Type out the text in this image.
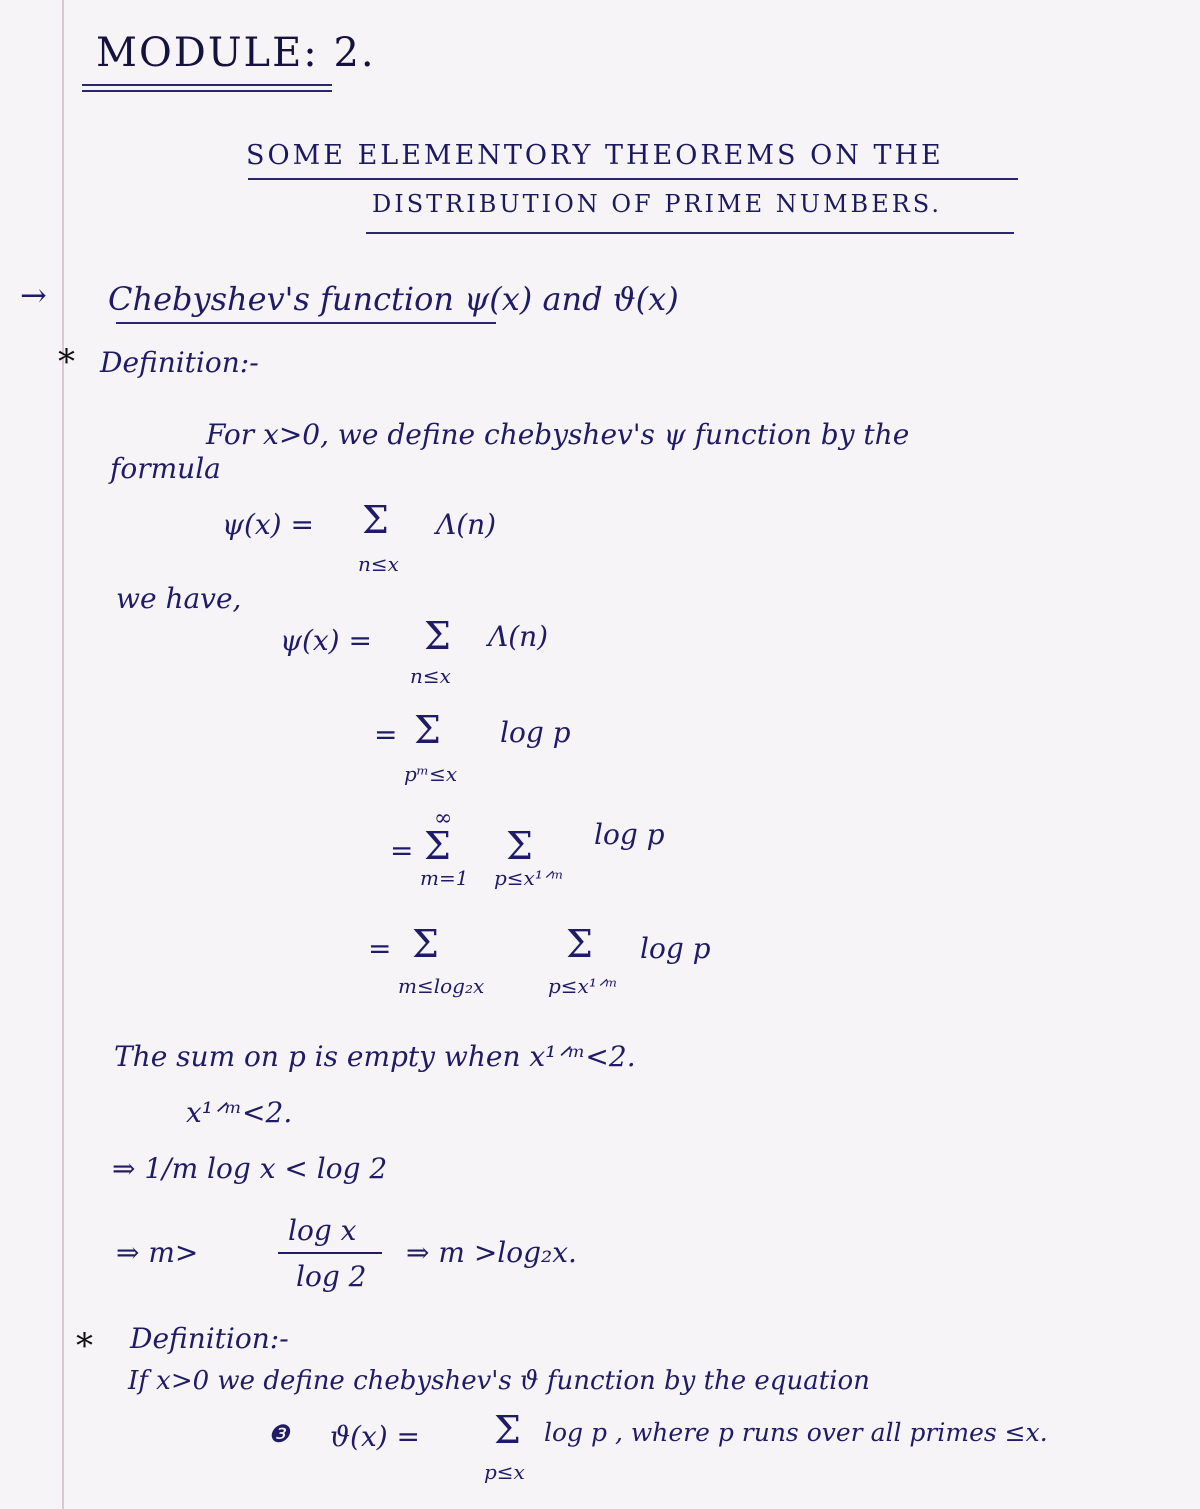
MODULE: 2.
SOME ELEMENTORY THEOREMS ON THE
DISTRIBUTION OF PRIME NUMBERS.
→ Chebyshev's function ψ(x) and ϑ(x)
* Definition:-
For x>0, we define chebyshev's ψ function by the
formula
ψ(x) = Σ Λ(n)
n≤x
we have,
ψ(x) = Σ Λ(n)
n≤x
= Σ log p
pᵐ≤x
∞
= Σ Σ log p
m=1 p≤x¹ᐟᵐ
= Σ	Σ log p
m≤log₂x	p≤x¹ᐟᵐ
The sum on p is empty when x¹ᐟᵐ<2.
x¹ᐟᵐ<2.
⇒ 1/m log x < log 2
⇒ m>
log x
log 2
⇒ m >log₂x.
* Definition:-
If x>0 we define chebyshev's ϑ function by the equation
❸ ϑ(x) = Σ log p , where p runs over all primes ≤x.
p≤x
